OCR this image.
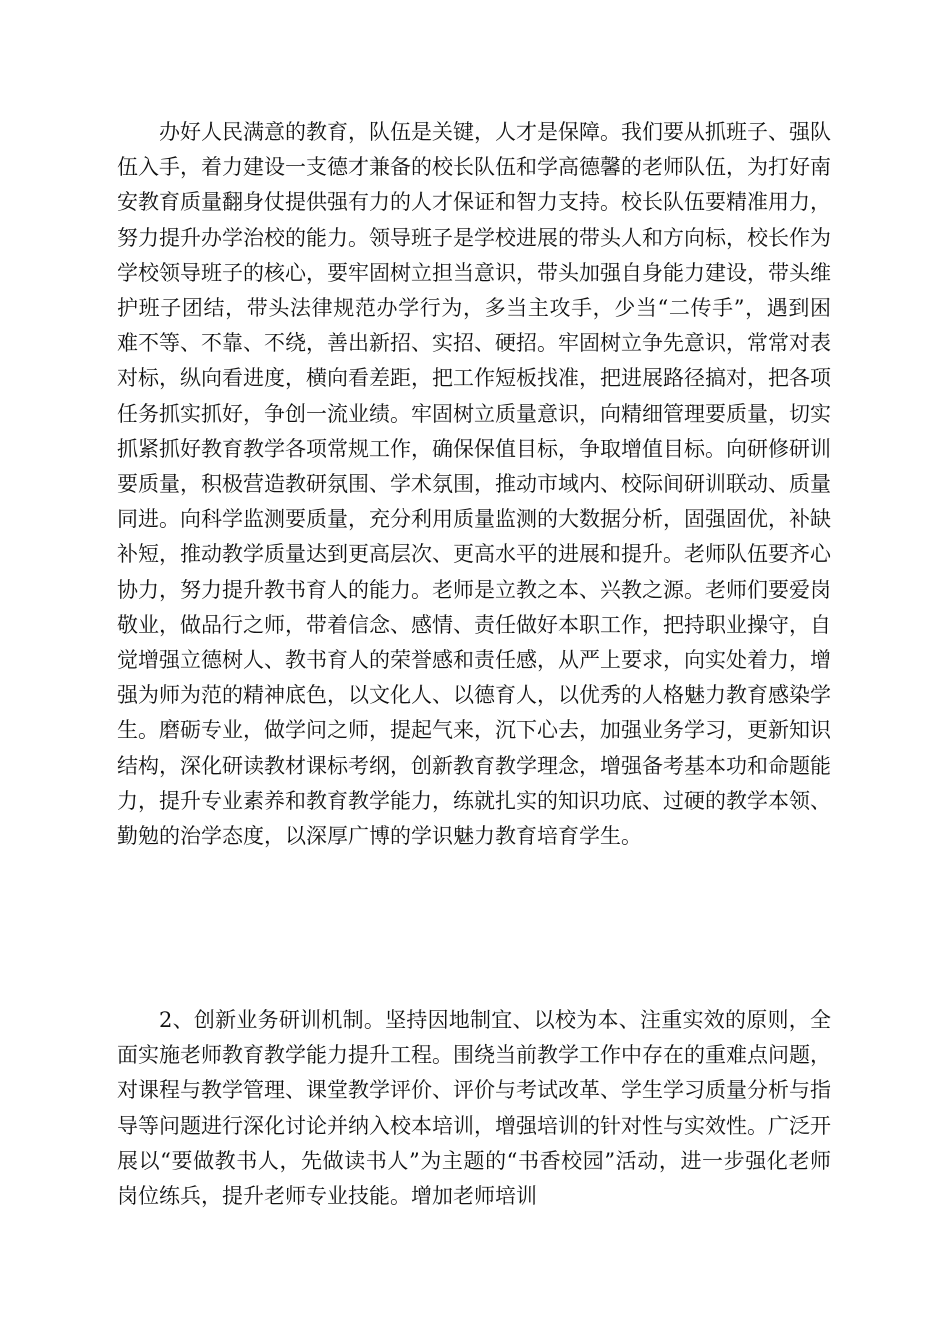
办好人民满意的教育，队伍是关键，人才是保障。我们要从抓班子、强队伍入手，着力建设一支德才兼备的校长队伍和学高德馨的老师队伍，为打好南安教育质量翻身仗提供强有力的人才保证和智力支持。校长队伍要精准用力，努力提升办学治校的能力。领导班子是学校进展的带头人和方向标，校长作为学校领导班子的核心，要牢固树立担当意识，带头加强自身能力建设，带头维护班子团结，带头法律规范办学行为，多当主攻手，少当“二传手”，遇到困难不等、不靠、不绕，善出新招、实招、硬招。牢固树立争先意识，常常对表对标，纵向看进度，横向看差距，把工作短板找准，把进展路径搞对，把各项任务抓实抓好，争创一流业绩。牢固树立质量意识，向精细管理要质量，切实抓紧抓好教育教学各项常规工作，确保保值目标，争取增值目标。向研修研训要质量，积极营造教研氛围、学术氛围，推动市域内、校际间研训联动、质量同进。向科学监测要质量，充分利用质量监测的大数据分析，固强固优，补缺补短，推动教学质量达到更高层次、更高水平的进展和提升。老师队伍要齐心协力，努力提升教书育人的能力。老师是立教之本、兴教之源。老师们要爱岗敬业，做品行之师，带着信念、感情、责任做好本职工作，把持职业操守，自觉增强立德树人、教书育人的荣誉感和责任感，从严上要求，向实处着力，增强为师为范的精神底色，以文化人、以德育人，以优秀的人格魅力教育感染学生。磨砺专业，做学问之师，提起气来，沉下心去，加强业务学习，更新知识结构，深化研读教材课标考纲，创新教育教学理念，增强备考基本功和命题能力，提升专业素养和教育教学能力，练就扎实的知识功底、过硬的教学本领、勤勉的治学态度，以深厚广博的学识魅力教育培育学生。

2、创新业务研训机制。坚持因地制宜、以校为本、注重实效的原则，全面实施老师教育教学能力提升工程。围绕当前教学工作中存在的重难点问题，对课程与教学管理、课堂教学评价、评价与考试改革、学生学习质量分析与指导等问题进行深化讨论并纳入校本培训，增强培训的针对性与实效性。广泛开展以“要做教书人，先做读书人”为主题的“书香校园”活动，进一步强化老师岗位练兵，提升老师专业技能。增加老师培训
